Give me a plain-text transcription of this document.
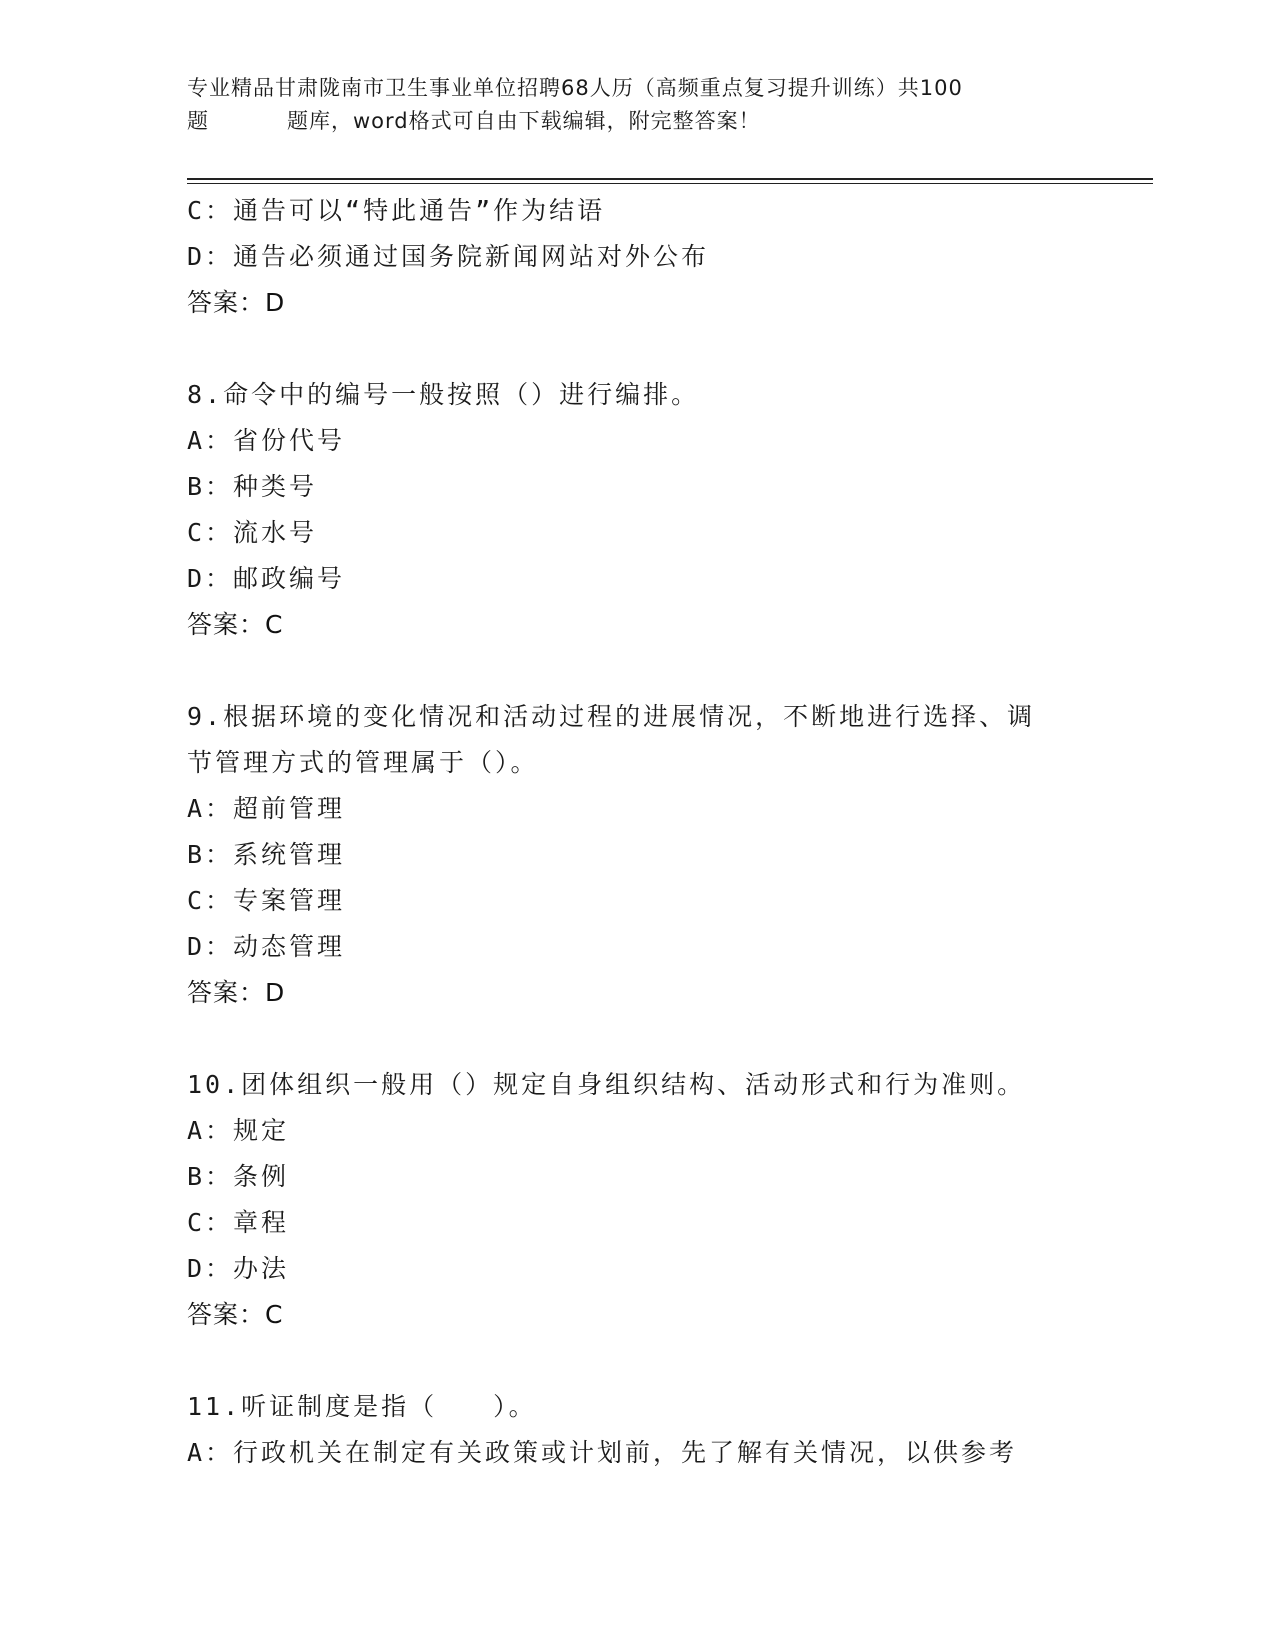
专业精品甘肃陇南市卫生事业单位招聘68人历（高频重点复习提升训练）共100
题	题库，word格式可自由下载编辑，附完整答案！
C：通告可以“特此通告”作为结语
D：通告必须通过国务院新闻网站对外公布
答案：D
8.命令中的编号一般按照（）进行编排。
A：省份代号
B：种类号
C：流水号
D：邮政编号
答案：C
9.根据环境的变化情况和活动过程的进展情况，不断地进行选择、调
节管理方式的管理属于（）。
A：超前管理
B：系统管理
C：专案管理
D：动态管理
答案：D
10.团体组织一般用（）规定自身组织结构、活动形式和行为准则。
A：规定
B：条例
C：章程
D：办法
答案：C
11.听证制度是指（　　）。
A：行政机关在制定有关政策或计划前，先了解有关情况，以供参考
